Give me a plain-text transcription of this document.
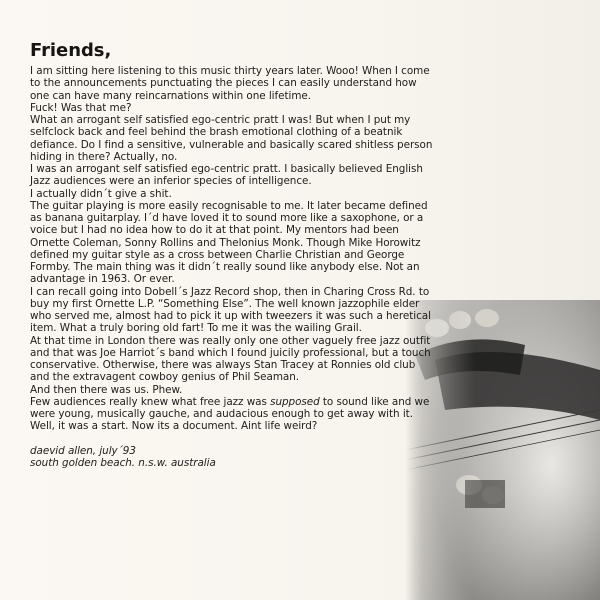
Friends,

I am sitting here listening to this music thirty years later. Wooo! When I come to the announcements punctuating the pieces I can easily understand how one can have many reincarnations within one lifetime.

Fuck! Was that me?

What an arrogant self satisfied ego-centric pratt I was! But when I put my selfclock back and feel behind the brash emotional clothing of a beatnik defiance. Do I find a sensitive, vulnerable and basically scared shitless person hiding in there? Actually, no.

I was an arrogant self satisfied ego-centric pratt. I basically believed English Jazz audiences were an inferior species of intelligence.

I actually didn´t give a shit.

The guitar playing is more easily recognisable to me. It later became defined as banana guitarplay. I´d have loved it to sound more like a saxophone, or a voice but I had no idea how to do it at that point. My mentors had been Ornette Coleman, Sonny Rollins and Thelonius Monk. Though Mike Horowitz defined my guitar style as a cross between Charlie Christian and George Formby. The main thing was it didn´t really sound like anybody else. Not an advantage in 1963. Or ever.

I can recall going into Dobell´s Jazz Record shop, then in Charing Cross Rd. to buy my first Ornette L.P. “Something Else”. The well known jazzophile elder who served me, almost had to pick it up with tweezers it was such a heretical item. What a truly boring old fart! To me it was the wailing Grail.

At that time in London there was really only one other vaguely free jazz outfit and that was Joe Harriot´s band which I found juicily professional, but a touch conservative. Otherwise, there was always Stan Tracey at Ronnies old club and the extravagent cowboy genius of Phil Seaman.

And then there was us. Phew.

Few audiences really knew what free jazz was supposed to sound like and we were young, musically gauche, and audacious enough to get away with it.

Well, it was a start. Now its a document. Aint life weird?

daevid allen, july´93

south golden beach. n.s.w. australia
